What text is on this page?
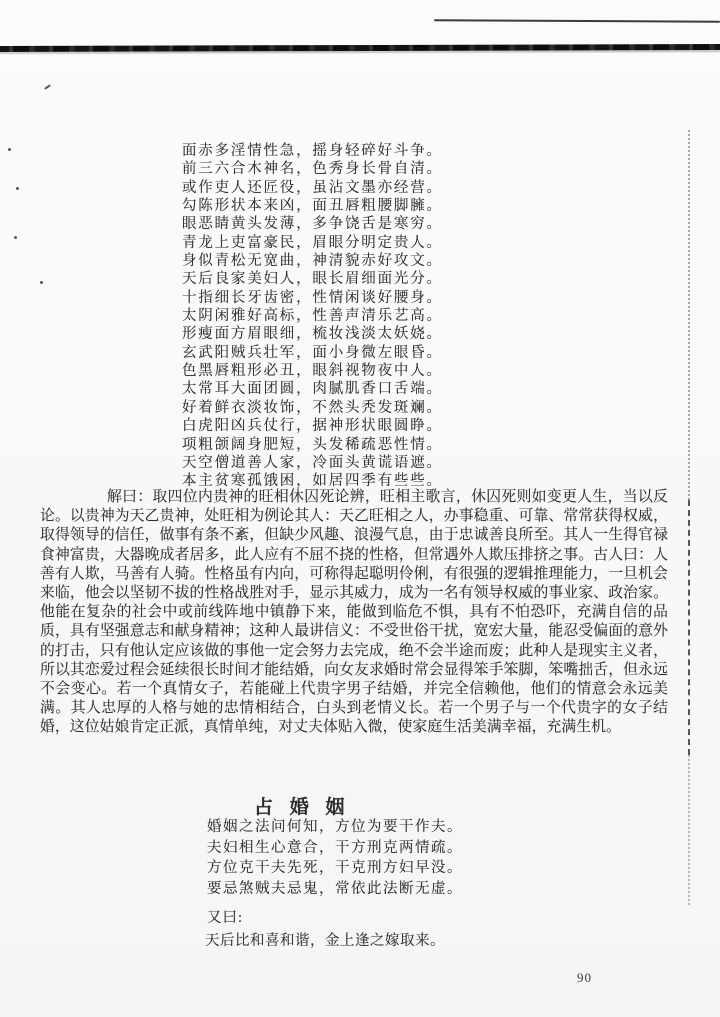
面赤多淫情性急，摇身轻碎好斗争。
前三六合木神名，色秀身长骨自清。
或作吏人还匠役，虽沾文墨亦经营。
勾陈形状本来凶，面丑唇粗腰脚臃。
眼恶睛黄头发薄，多争饶舌是寒穷。
青龙上吏富豪民，眉眼分明定贵人。
身似青松无宽曲，神清貌赤好攻文。
天后良家美妇人，眼长眉细面光分。
十指细长牙齿密，性情闲谈好腰身。
太阴闲雅好高标，性善声清乐艺高。
形瘦面方眉眼细，梳妆浅淡太妖娆。
玄武阳贼兵壮军，面小身微左眼昏。
色黑唇粗形必丑，眼斜视物夜中人。
太常耳大面团圆，肉腻肌香口舌端。
好着鲜衣淡妆饰，不然头秃发斑斓。
白虎阳凶兵仗行，据神形状眼圆睁。
项粗颌阔身肥短，头发稀疏恶性情。
天空僧道善人家，冷面头黄谎语遮。
本主贫寒孤饿困，如居四季有些些。

解曰：取四位内贵神的旺相休囚死论辨，旺相主歌言，休囚死则如变更人生，当以反论。以贵神为天乙贵神，处旺相为例论其人：天乙旺相之人，办事稳重、可靠、常常获得权威，取得领导的信任，做事有条不紊，但缺少风趣、浪漫气息，由于忠诚善良所至。其人一生得官禄食神富贵，大器晚成者居多，此人应有不屈不挠的性格，但常遇外人欺压排挤之事。古人曰：人善有人欺，马善有人骑。性格虽有内向，可称得起聪明伶俐，有很强的逻辑推理能力，一旦机会来临，他会以坚韧不拔的性格战胜对手，显示其威力，成为一名有领导权威的事业家、政治家。他能在复杂的社会中或前线阵地中镇静下来，能做到临危不惧，具有不怕恐吓，充满自信的品质，具有坚强意志和献身精神；这种人最讲信义：不受世俗干扰，宽宏大量，能忍受偏面的意外的打击，只有他认定应该做的事他一定会努力去完成，绝不会半途而废；此种人是现实主义者，所以其恋爱过程会延续很长时间才能结婚，向女友求婚时常会显得笨手笨脚，笨嘴拙舌，但永远不会变心。若一个真情女子，若能碰上代贵字男子结婚，并完全信赖他，他们的情意会永远美满。其人忠厚的人格与她的忠情相结合，白头到老情义长。若一个男子与一个代贵字的女子结婚，这位姑娘肯定正派，真情单纯，对丈夫体贴入微，使家庭生活美满幸福，充满生机。

占 婚 姻
婚姻之法问何知，方位为要干作夫。
夫妇相生心意合，干方刑克两情疏。
方位克干夫先死，干克刑方妇早没。
要忌煞贼夫忌鬼，常依此法断无虚。
又曰:
天后比和喜和谐，金上逢之嫁取来。
90
